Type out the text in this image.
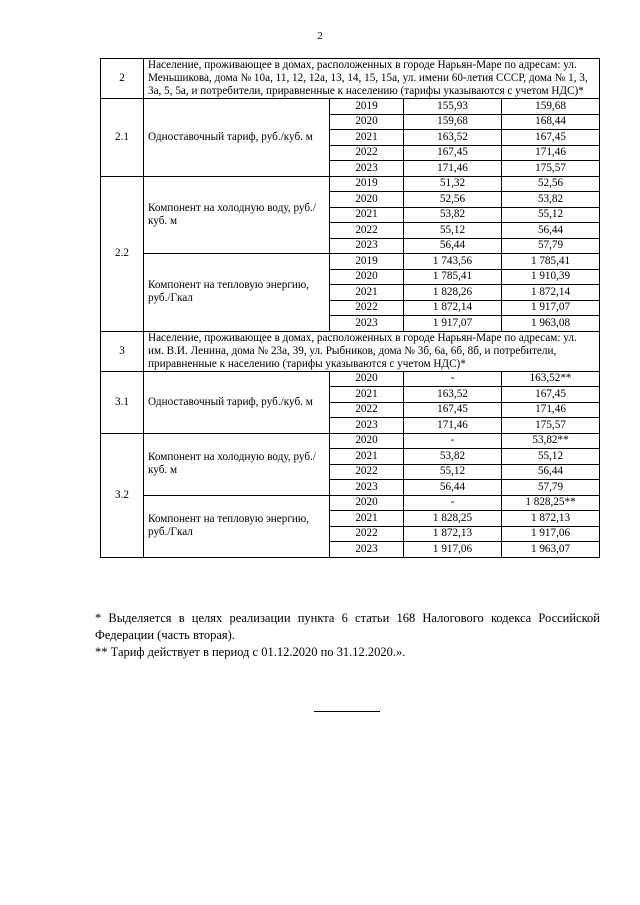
2
2	Население, проживающее в домах, расположенных в городе Нарьян-Маре по адресам: ул. Меньшикова, дома № 10а, 11, 12, 12а, 13, 14, 15, 15а, ул. имени 60-летия СССР, дома № 1, 3, 3а, 5, 5а, и потребители, приравненные к населению (тарифы указываются с учетом НДС)*			
2.1	Одноставочный тариф, руб./куб. м	2019	155,93	159,68
		2020	159,68	168,44
		2021	163,52	167,45
		2022	167,45	171,46
		2023	171,46	175,57
2.2	Компонент на холодную воду, руб./куб. м	2019	51,32	52,56
		2020	52,56	53,82
		2021	53,82	55,12
		2022	55,12	56,44
		2023	56,44	57,79
	Компонент на тепловую энергию, руб./Гкал	2019	1 743,56	1 785,41
		2020	1 785,41	1 910,39
		2021	1 828,26	1 872,14
		2022	1 872,14	1 917,07
		2023	1 917,07	1 963,08
3	Население, проживающее в домах, расположенных в городе Нарьян-Маре по адресам: ул. им. В.И. Ленина, дома № 23а, 39, ул. Рыбников, дома № 3б, 6а, 6б, 8б, и потребители, приравненные к населению (тарифы указываются с учетом НДС)*			
3.1	Одноставочный тариф, руб./куб. м	2020	-	163,52**
		2021	163,52	167,45
		2022	167,45	171,46
		2023	171,46	175,57
3.2	Компонент на холодную воду, руб./куб. м	2020	-	53,82**
		2021	53,82	55,12
		2022	55,12	56,44
		2023	56,44	57,79
	Компонент на тепловую энергию, руб./Гкал	2020	-	1 828,25**
		2021	1 828,25	1 872,13
		2022	1 872,13	1 917,06
		2023	1 917,06	1 963,07

* Выделяется в целях реализации пункта 6 статьи 168 Налогового кодекса Российской Федерации (часть вторая).

** Тариф действует в период с 01.12.2020 по 31.12.2020.».
